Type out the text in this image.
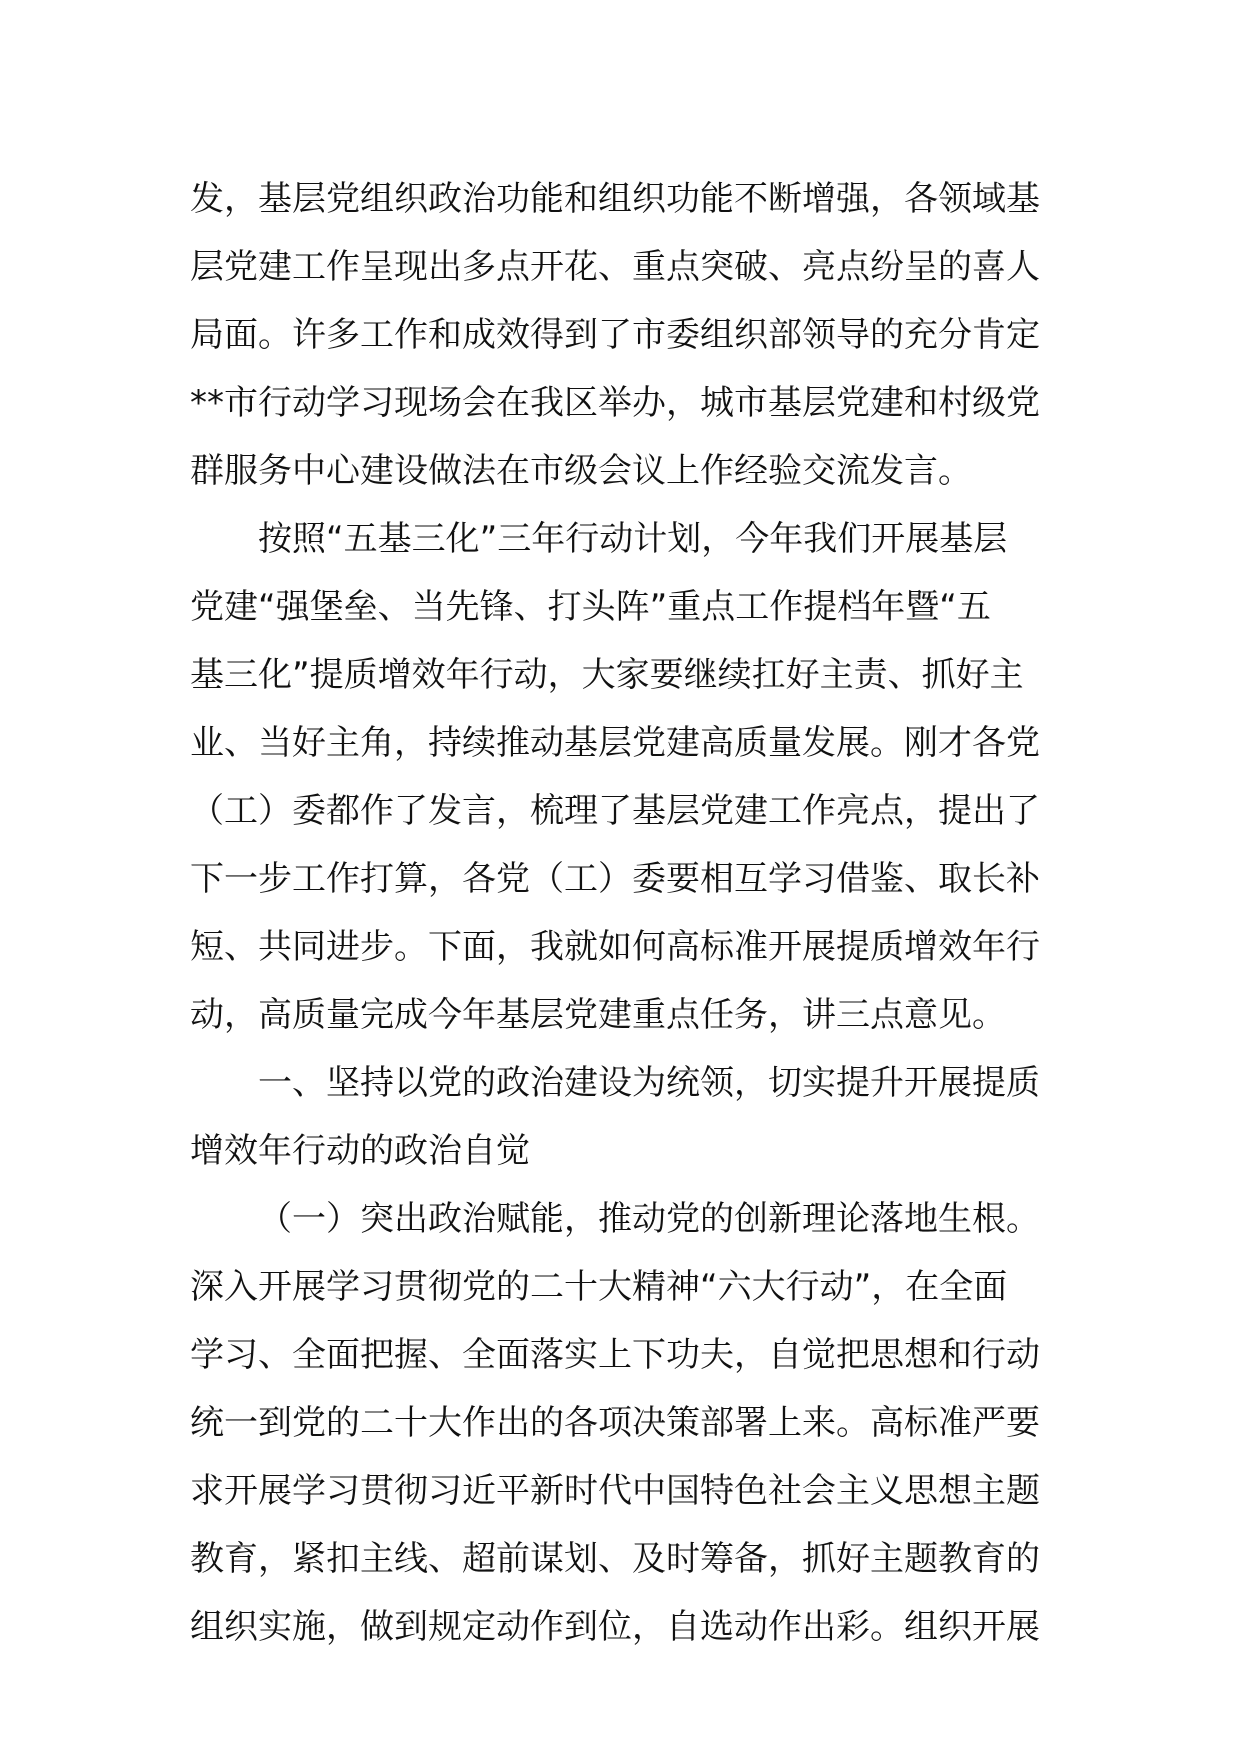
发，基层党组织政治功能和组织功能不断增强，各领域基
层党建工作呈现出多点开花、重点突破、亮点纷呈的喜人
局面。许多工作和成效得到了市委组织部领导的充分肯定
**市行动学习现场会在我区举办，城市基层党建和村级党
群服务中心建设做法在市级会议上作经验交流发言。
按照“五基三化”三年行动计划，今年我们开展基层
党建“强堡垒、当先锋、打头阵”重点工作提档年暨“五
基三化”提质增效年行动，大家要继续扛好主责、抓好主
业、当好主角，持续推动基层党建高质量发展。刚才各党
（工）委都作了发言，梳理了基层党建工作亮点，提出了
下一步工作打算，各党（工）委要相互学习借鉴、取长补
短、共同进步。下面，我就如何高标准开展提质增效年行
动，高质量完成今年基层党建重点任务，讲三点意见。
一、坚持以党的政治建设为统领，切实提升开展提质
增效年行动的政治自觉
（一）突出政治赋能，推动党的创新理论落地生根。
深入开展学习贯彻党的二十大精神“六大行动”，在全面
学习、全面把握、全面落实上下功夫，自觉把思想和行动
统一到党的二十大作出的各项决策部署上来。高标准严要
求开展学习贯彻习近平新时代中国特色社会主义思想主题
教育，紧扣主线、超前谋划、及时筹备，抓好主题教育的
组织实施，做到规定动作到位，自选动作出彩。组织开展
